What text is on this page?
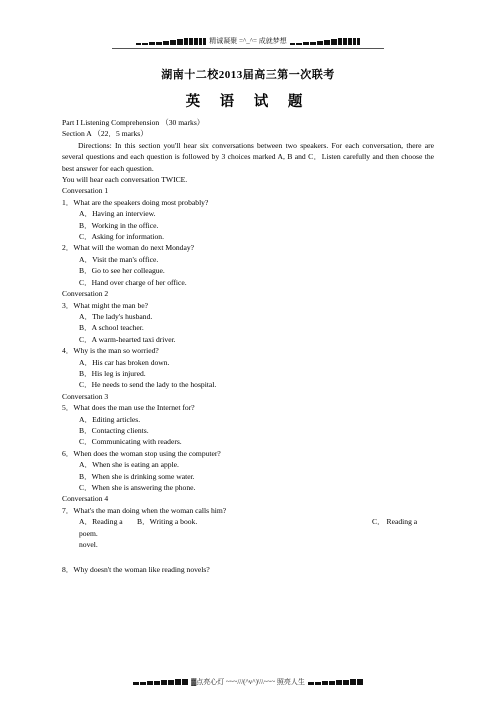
精诚凝聚 =^_^= 成就梦想
湖南十二校2013届高三第一次联考
英 语 试 题
Part I Listening Comprehension （30 marks）
Section A （22．5 marks）
Directions: In this section you'll hear six conversations between two speakers. For each conversation, there are several questions and each question is followed by 3 choices marked A, B and C．Listen carefully and then choose the best answer for each question.
You will hear each conversation TWICE.
Conversation 1
1．What are the speakers doing most probably?
A．Having an interview.
B．Working in the office.
C．Asking for information.
2．What will the woman do next Monday?
A．Visit the man's office.
B．Go to see her colleague.
C．Hand over charge of her office.
Conversation 2
3．What might the man be?
A．The lady's husband.
B．A school teacher.
C．A warm-hearted taxi driver.
4．Why is the man so worried?
A．His car has broken down.
B．His leg is injured.
C．He needs to send the lady to the hospital.
Conversation 3
5．What does the man use the Internet for?
A．Editing articles.
B．Contacting clients.
C．Communicating with readers.
6．When does the woman stop using the computer?
A．When she is eating an apple.
B．When she is drinking some water.
C．When she is answering the phone.
Conversation 4
7．What's the man doing when the woman calls him?
A．Reading a poem.
B．Writing a book.	C． Reading a
novel.
8．Why doesn't the woman like reading novels?
▓点亮心灯 ~~~///(^v^)\\\~~~ 照亮人生
